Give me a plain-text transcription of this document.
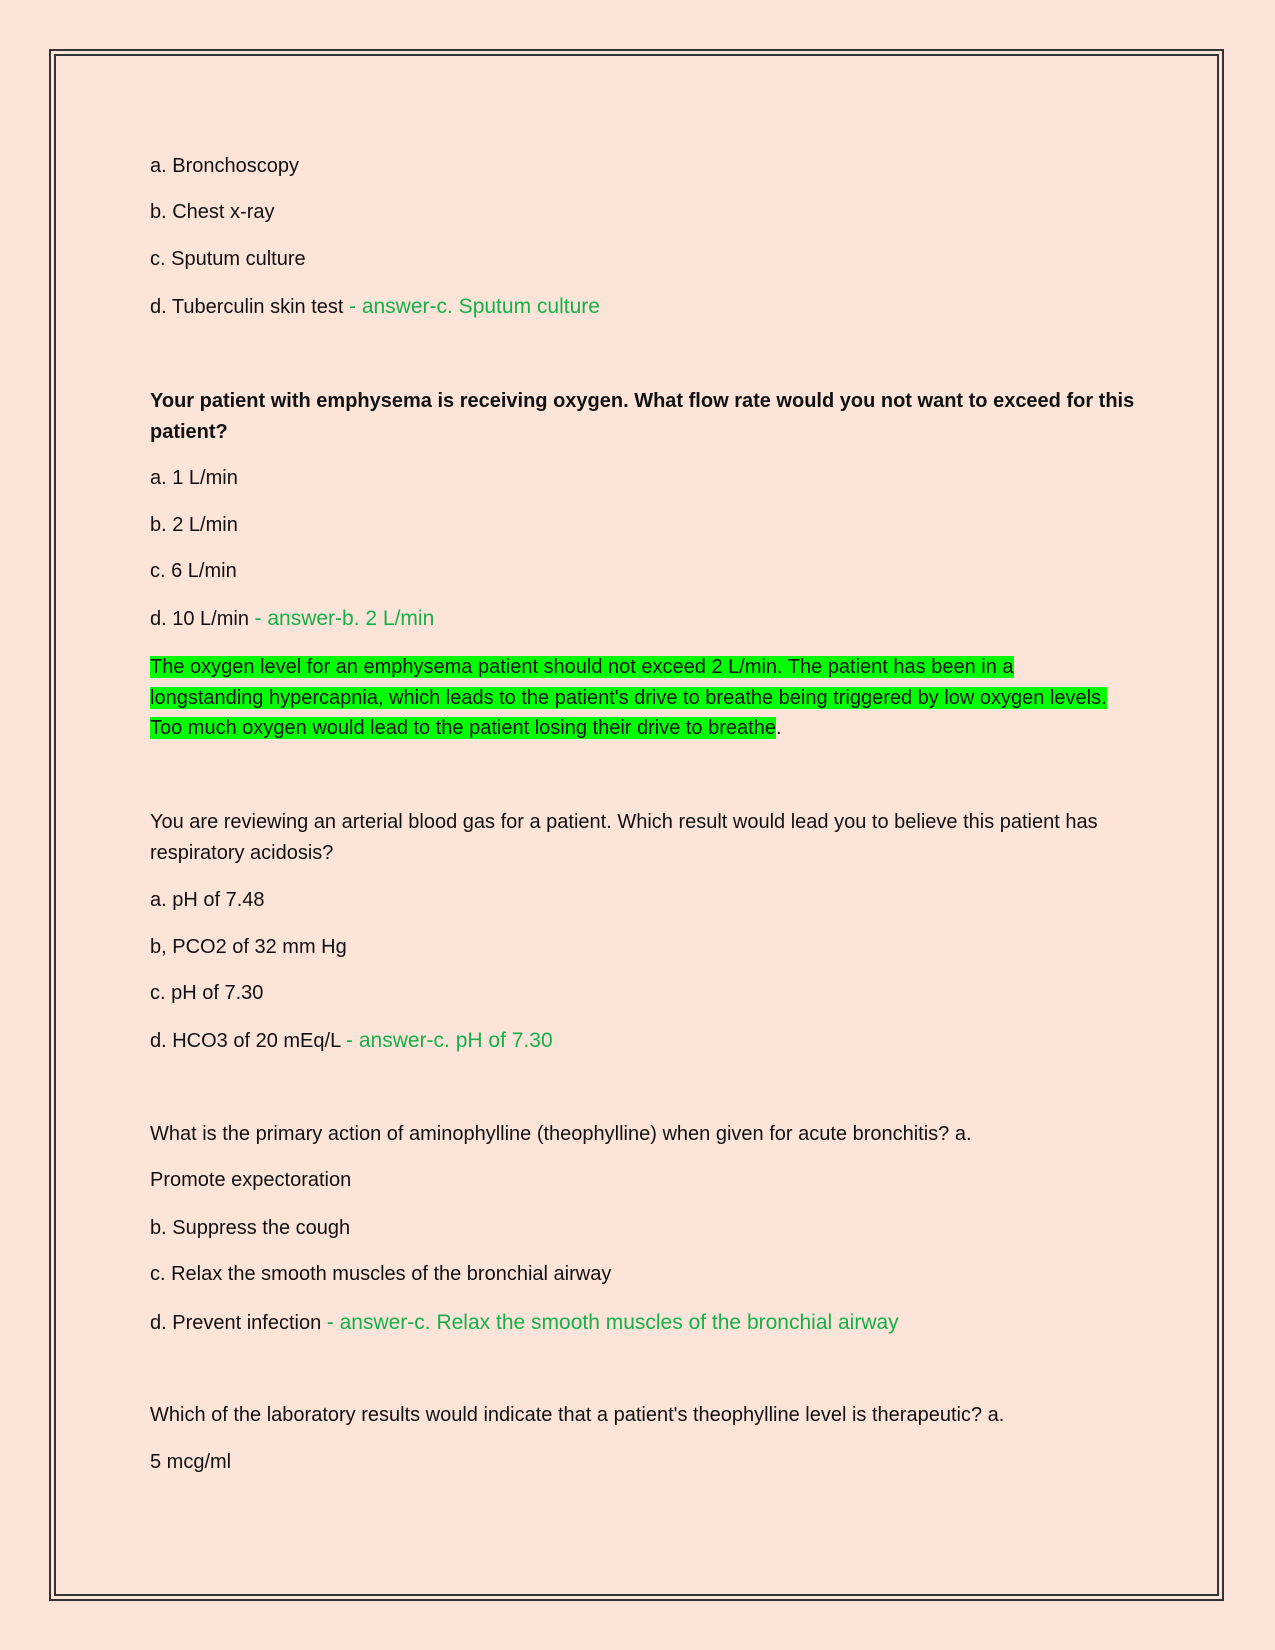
a. Bronchoscopy
b. Chest x-ray
c. Sputum culture
d. Tuberculin skin test - answer-c. Sputum culture
Your patient with emphysema is receiving oxygen. What flow rate would you not want to exceed for this patient?
a. 1 L/min
b. 2 L/min
c. 6 L/min
d. 10 L/min - answer-b. 2 L/min
The oxygen level for an emphysema patient should not exceed 2 L/min. The patient has been in a longstanding hypercapnia, which leads to the patient's drive to breathe being triggered by low oxygen levels. Too much oxygen would lead to the patient losing their drive to breathe.
You are reviewing an arterial blood gas for a patient. Which result would lead you to believe this patient has respiratory acidosis?
a. pH of 7.48
b, PCO2 of 32 mm Hg
c. pH of 7.30
d. HCO3 of 20 mEq/L - answer-c. pH of 7.30
What is the primary action of aminophylline (theophylline) when given for acute bronchitis? a.
Promote expectoration
b. Suppress the cough
c. Relax the smooth muscles of the bronchial airway
d. Prevent infection - answer-c. Relax the smooth muscles of the bronchial airway
Which of the laboratory results would indicate that a patient's theophylline level is therapeutic? a.
5 mcg/ml
